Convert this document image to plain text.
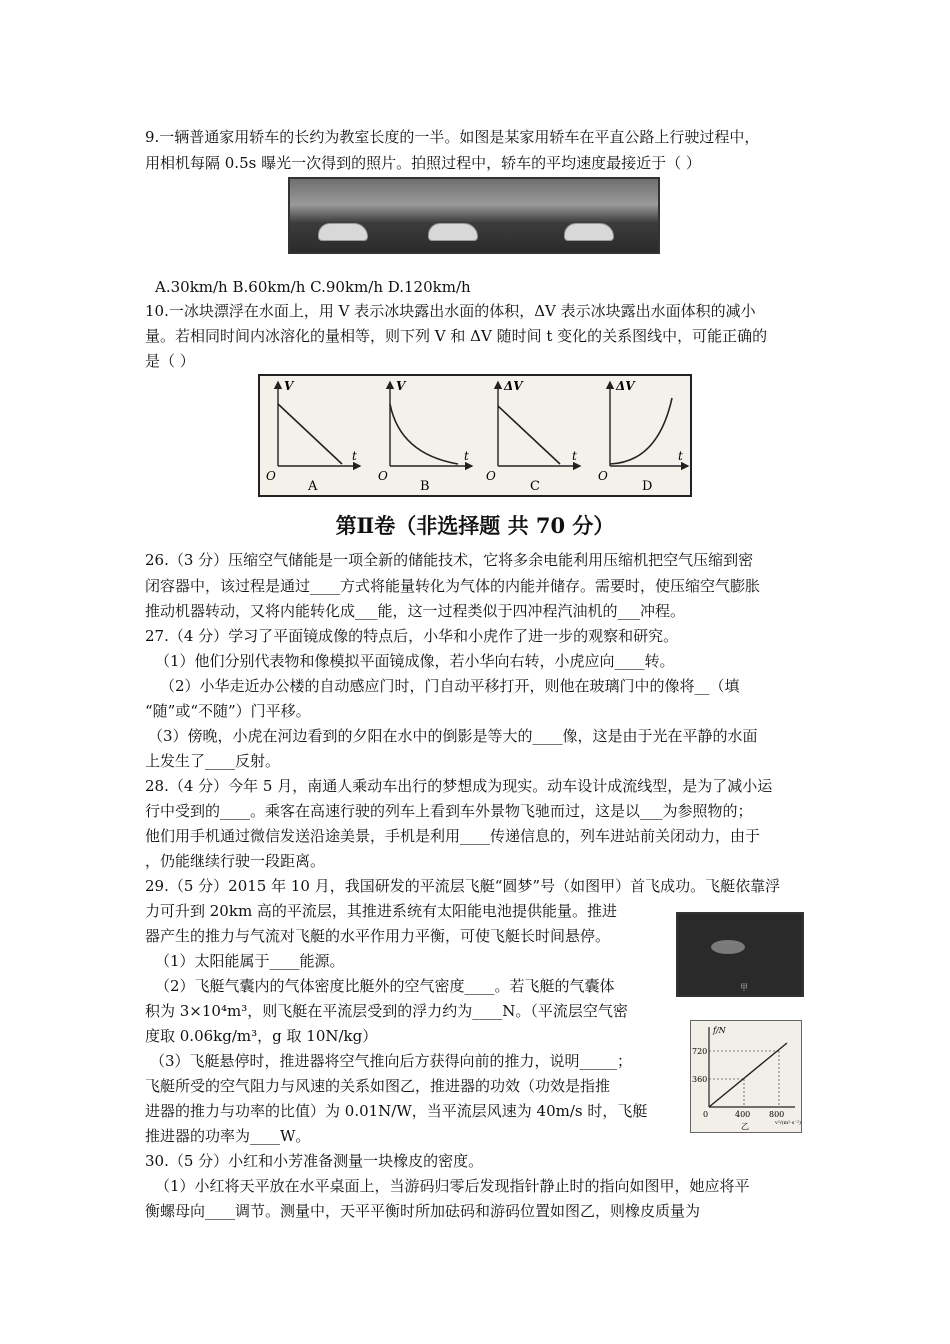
9.一辆普通家用轿车的长约为教室长度的一半。如图是某家用轿车在平直公路上行驶过程中，
用相机每隔 0.5s 曝光一次得到的照片。拍照过程中，轿车的平均速度最接近于（ ）
A.30km/h B.60km/h C.90km/h D.120km/h
10.一冰块漂浮在水面上，用 V 表示冰块露出水面的体积，ΔV 表示冰块露出水面体积的减小
量。若相同时间内冰溶化的量相等，则下列 V 和 ΔV 随时间 t 变化的关系图线中，可能正确的
是（ ）
V
t
O
A
V
t
O
B
ΔV
t
O
C
ΔV
t
O
D
第Ⅱ卷（非选择题 共 70 分）
26.（3 分）压缩空气储能是一项全新的储能技术，它将多余电能利用压缩机把空气压缩到密
闭容器中，该过程是通过____方式将能量转化为气体的内能并储存。需要时，使压缩空气膨胀
推动机器转动，又将内能转化成___能，这一过程类似于四冲程汽油机的___冲程。
27.（4 分）学习了平面镜成像的特点后，小华和小虎作了进一步的观察和研究。
（1）他们分别代表物和像模拟平面镜成像，若小华向右转，小虎应向____转。
（2）小华走近办公楼的自动感应门时，门自动平移打开，则他在玻璃门中的像将__（填
“随”或“不随”）门平移。
（3）傍晚，小虎在河边看到的夕阳在水中的倒影是等大的____像，这是由于光在平静的水面
上发生了____反射。
28.（4 分）今年 5 月，南通人乘动车出行的梦想成为现实。动车设计成流线型，是为了减小运
行中受到的____。乘客在高速行驶的列车上看到车外景物飞驰而过，这是以___为参照物的；
他们用手机通过微信发送沿途美景，手机是利用____传递信息的，列车进站前关闭动力，由于
，仍能继续行驶一段距离。
29.（5 分）2015 年 10 月，我国研发的平流层飞艇“圆梦”号（如图甲）首飞成功。飞艇依靠浮
力可升到 20km 高的平流层，其推进系统有太阳能电池提供能量。推进
器产生的推力与气流对飞艇的水平作用力平衡，可使飞艇长时间悬停。
（1）太阳能属于____能源。
（2）飞艇气囊内的气体密度比艇外的空气密度____。若飞艇的气囊体
积为 3×10⁴m³，则飞艇在平流层受到的浮力约为____N。（平流层空气密
度取 0.06kg/m³，g 取 10N/kg）
（3）飞艇悬停时，推进器将空气推向后方获得向前的推力，说明_____；
飞艇所受的空气阻力与风速的关系如图乙，推进器的功效（功效是指推
进器的推力与功率的比值）为 0.01N/W，当平流层风速为 40m/s 时，飞艇
推进器的功率为____W。
甲
f/N
720
360
0	400 800
v²/(m²·s⁻²)
乙
30.（5 分）小红和小芳准备测量一块橡皮的密度。
（1）小红将天平放在水平桌面上，当游码归零后发现指针静止时的指向如图甲，她应将平
衡螺母向____调节。测量中，天平平衡时所加砝码和游码位置如图乙，则橡皮质量为
